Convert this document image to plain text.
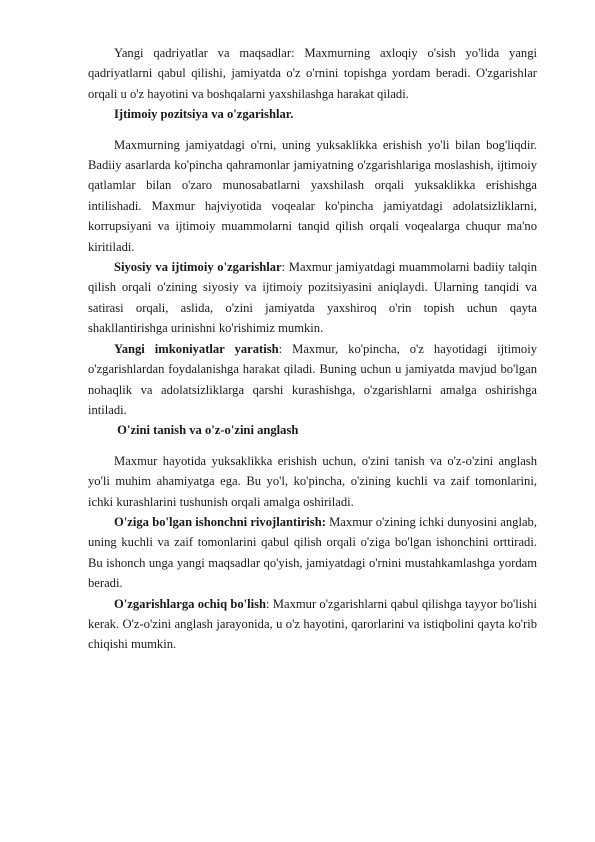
Yangi qadriyatlar va maqsadlar: Maxmurning axloqiy o'sish yo'lida yangi qadriyatlarni qabul qilishi, jamiyatda o'z o'rnini topishga yordam beradi. O'zgarishlar orqali u o'z hayotini va boshqalarni yaxshilashga harakat qiladi.

Ijtimoiy pozitsiya va o'zgarishlar.

Maxmurning jamiyatdagi o'rni, uning yuksaklikka erishish yo'li bilan bog'liqdir. Badiiy asarlarda ko'pincha qahramonlar jamiyatning o'zgarishlariga moslashish, ijtimoiy qatlamlar bilan o'zaro munosabatlarni yaxshilash orqali yuksaklikka erishishga intilishadi. Maxmur hajviyotida voqealar ko'pincha jamiyatdagi adolatsizliklarni, korrupsiyani va ijtimoiy muammolarni tanqid qilish orqali voqealarga chuqur ma'no kiritiladi.

Siyosiy va ijtimoiy o'zgarishlar: Maxmur jamiyatdagi muammolarni badiiy talqin qilish orqali o'zining siyosiy va ijtimoiy pozitsiyasini aniqlaydi. Ularning tanqidi va satirasi orqali, aslida, o'zini jamiyatda yaxshiroq o'rin topish uchun qayta shakllantirishga urinishni ko'rishimiz mumkin.

Yangi imkoniyatlar yaratish: Maxmur, ko'pincha, o'z hayotidagi ijtimoiy o'zgarishlardan foydalanishga harakat qiladi. Buning uchun u jamiyatda mavjud bo'lgan nohaqlik va adolatsizliklarga qarshi kurashishga, o'zgarishlarni amalga oshirishga intiladi.

O'zini tanish va o'z-o'zini anglash

Maxmur hayotida yuksaklikka erishish uchun, o'zini tanish va o'z-o'zini anglash yo'li muhim ahamiyatga ega. Bu yo'l, ko'pincha, o'zining kuchli va zaif tomonlarini, ichki kurashlarini tushunish orqali amalga oshiriladi.

O'ziga bo'lgan ishonchni rivojlantirish: Maxmur o'zining ichki dunyosini anglab, uning kuchli va zaif tomonlarini qabul qilish orqali o'ziga bo'lgan ishonchini orttiradi. Bu ishonch unga yangi maqsadlar qo'yish, jamiyatdagi o'rnini mustahkamlashga yordam beradi.

O'zgarishlarga ochiq bo'lish: Maxmur o'zgarishlarni qabul qilishga tayyor bo'lishi kerak. O'z-o'zini anglash jarayonida, u o'z hayotini, qarorlarini va istiqbolini qayta ko'rib chiqishi mumkin.
